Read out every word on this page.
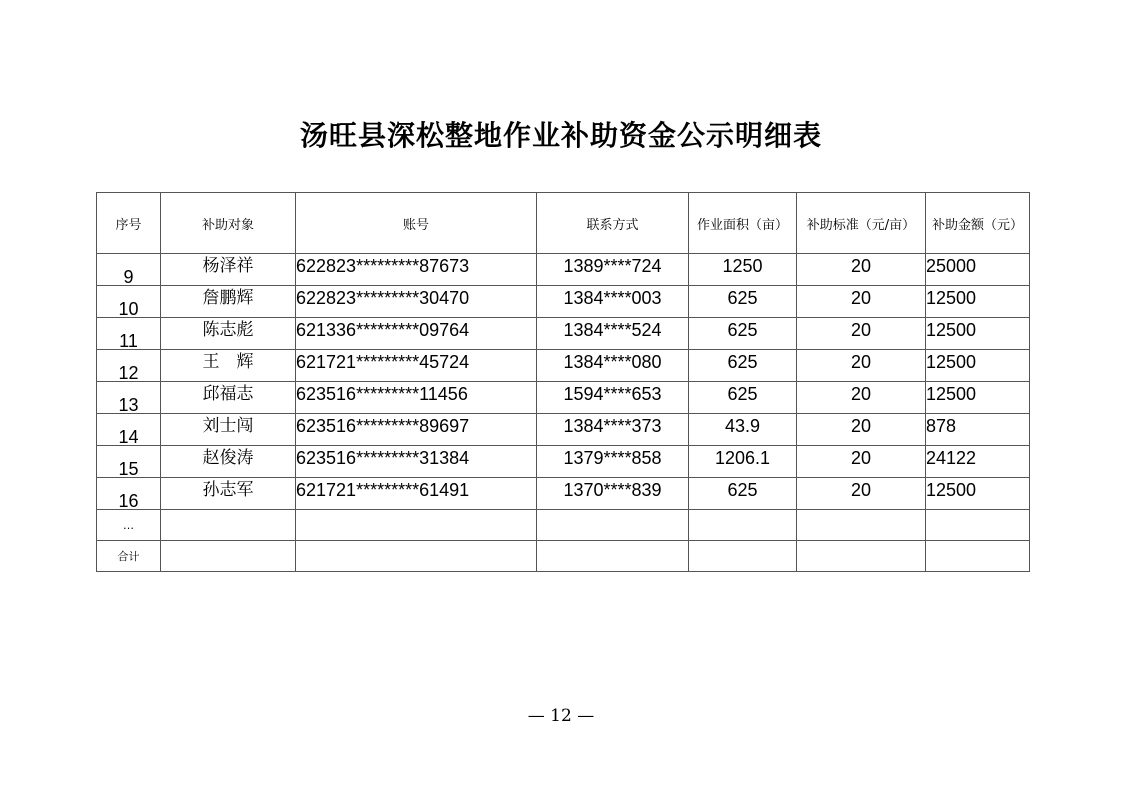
汤旺县深松整地作业补助资金公示明细表
序号	补助对象	账号	联系方式	作业面积（亩）	补助标准（元/亩）	补助金额（元）
9	杨泽祥	622823*********87673	1389****724	1250	20	25000
10	詹鹏辉	622823*********30470	1384****003	625	20	12500
11	陈志彪	621336*********09764	1384****524	625	20	12500
12	王　辉	621721*********45724	1384****080	625	20	12500
13	邱福志	623516*********11456	1594****653	625	20	12500
14	刘士闯	623516*********89697	1384****373	43.9	20	878
15	赵俊涛	623516*********31384	1379****858	1206.1	20	24122
16	孙志军	621721*********61491	1370****839	625	20	12500
…						
合计						
— 12 —
